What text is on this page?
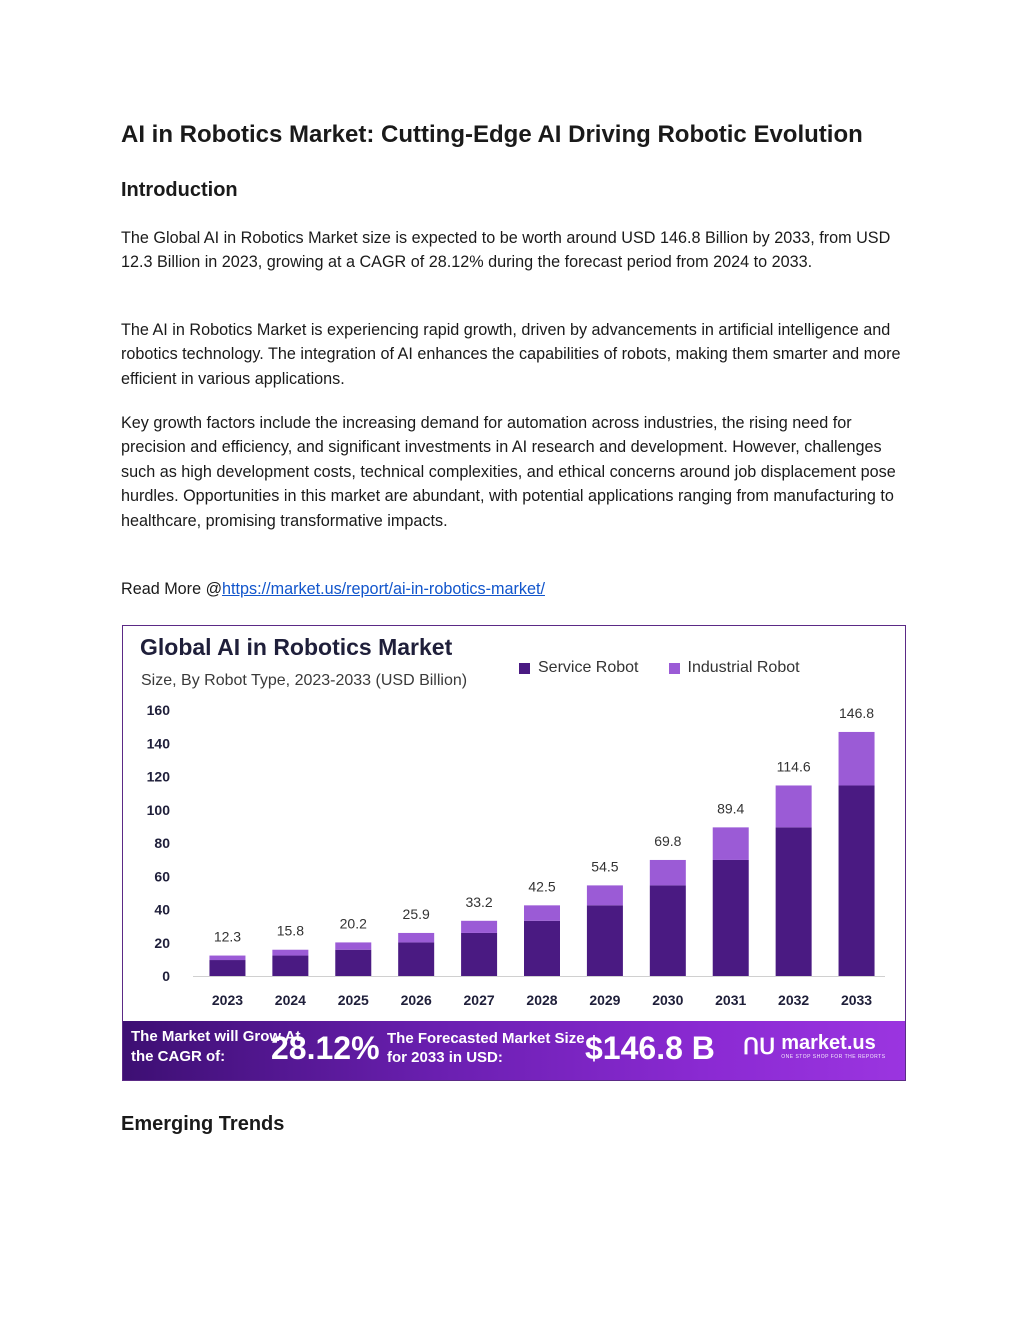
AI in Robotics Market: Cutting-Edge AI Driving Robotic Evolution
Introduction

The Global AI in Robotics Market size is expected to be worth around USD 146.8 Billion by 2033, from USD 12.3 Billion in 2023, growing at a CAGR of 28.12% during the forecast period from 2024 to 2033.

The AI in Robotics Market is experiencing rapid growth, driven by advancements in artificial intelligence and robotics technology. The integration of AI enhances the capabilities of robots, making them smarter and more efficient in various applications.

Key growth factors include the increasing demand for automation across industries, the rising need for precision and efficiency, and significant investments in AI research and development. However, challenges such as high development costs, technical complexities, and ethical concerns around job displacement pose hurdles. Opportunities in this market are abundant, with potential applications ranging from manufacturing to healthcare, promising transformative impacts.

Read More @https://market.us/report/ai-in-robotics-market/

Emerging Trends
Global AI in Robotics Market
Size, By Robot Type, 2023-2033 (USD Billion)
Service Robot	Industrial Robot
0
20
40
60
80
100
120
140
160
12.3
2023
15.8
2024
20.2
2025
25.9
2026
33.2
2027
42.5
2028
54.5
2029
69.8
2030
89.4
2031
114.6
2032
146.8
2033
The Market will Grow At the CAGR of:	28.12% The Forecasted Market Size for 2033 in USD:	$146.8 B ᑎᑌ market.us
ONE STOP SHOP FOR THE REPORTS
